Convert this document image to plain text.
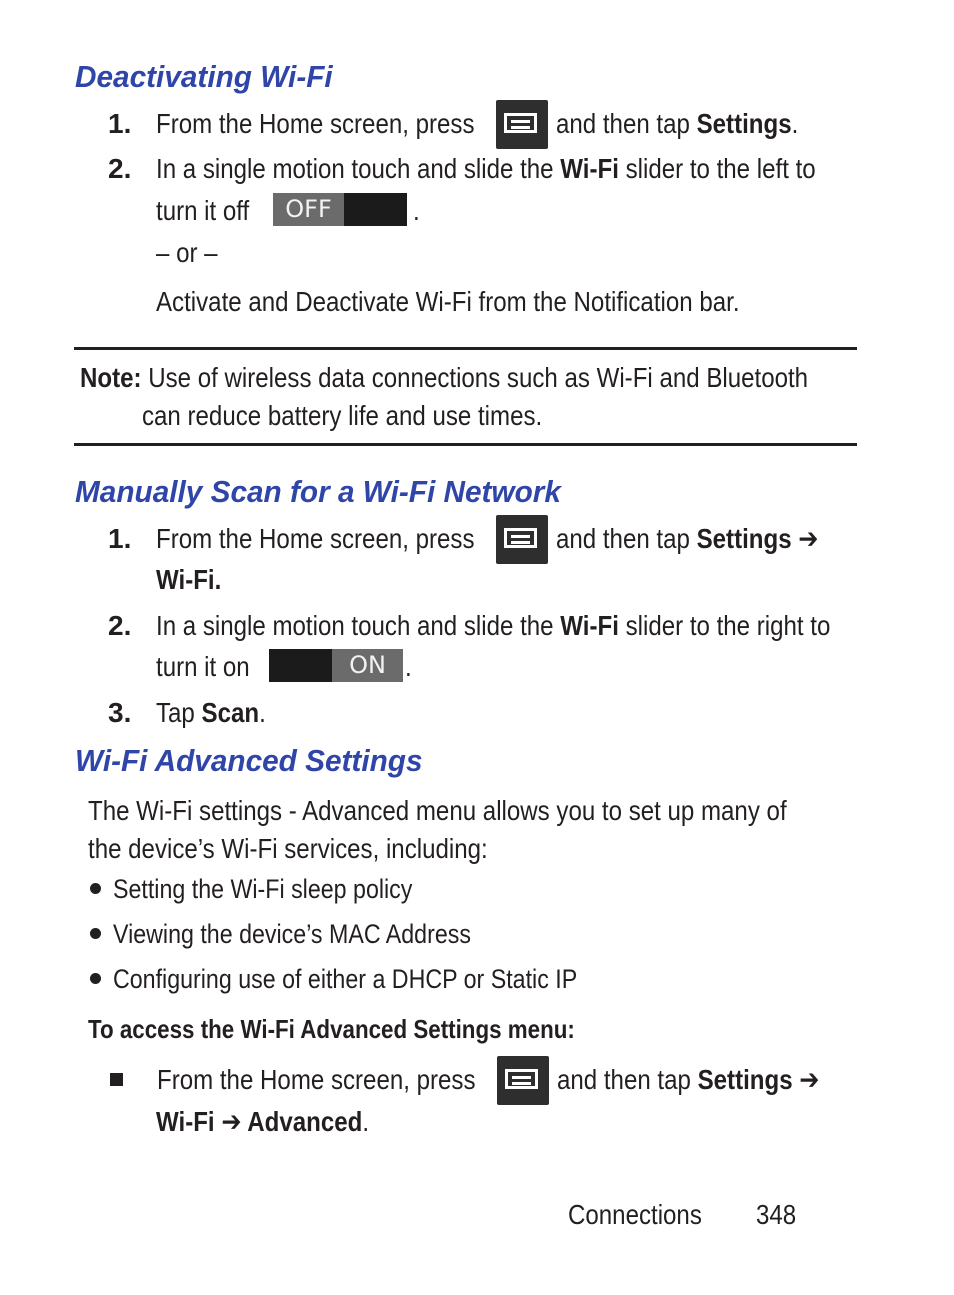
Deactivating Wi-Fi
1. From the Home screen, press	and then tap Settings.
2. In a single motion touch and slide the Wi-Fi slider to the left to
turn it off	OFF	.
– or –
Activate and Deactivate Wi-Fi from the Notification bar.
Note: Use of wireless data connections such as Wi-Fi and Bluetooth
can reduce battery life and use times.
Manually Scan for a Wi-Fi Network
1. From the Home screen, press	and then tap Settings ➔
Wi-Fi.
2. In a single motion touch and slide the Wi-Fi slider to the right to
turn it on	ON .
3. Tap Scan.
Wi-Fi Advanced Settings
The Wi-Fi settings - Advanced menu allows you to set up many of
the device’s Wi-Fi services, including:
Setting the Wi-Fi sleep policy
Viewing the device’s MAC Address
Configuring use of either a DHCP or Static IP
To access the Wi-Fi Advanced Settings menu:
From the Home screen, press	and then tap Settings ➔
Wi-Fi ➔ Advanced.
Connections 348
